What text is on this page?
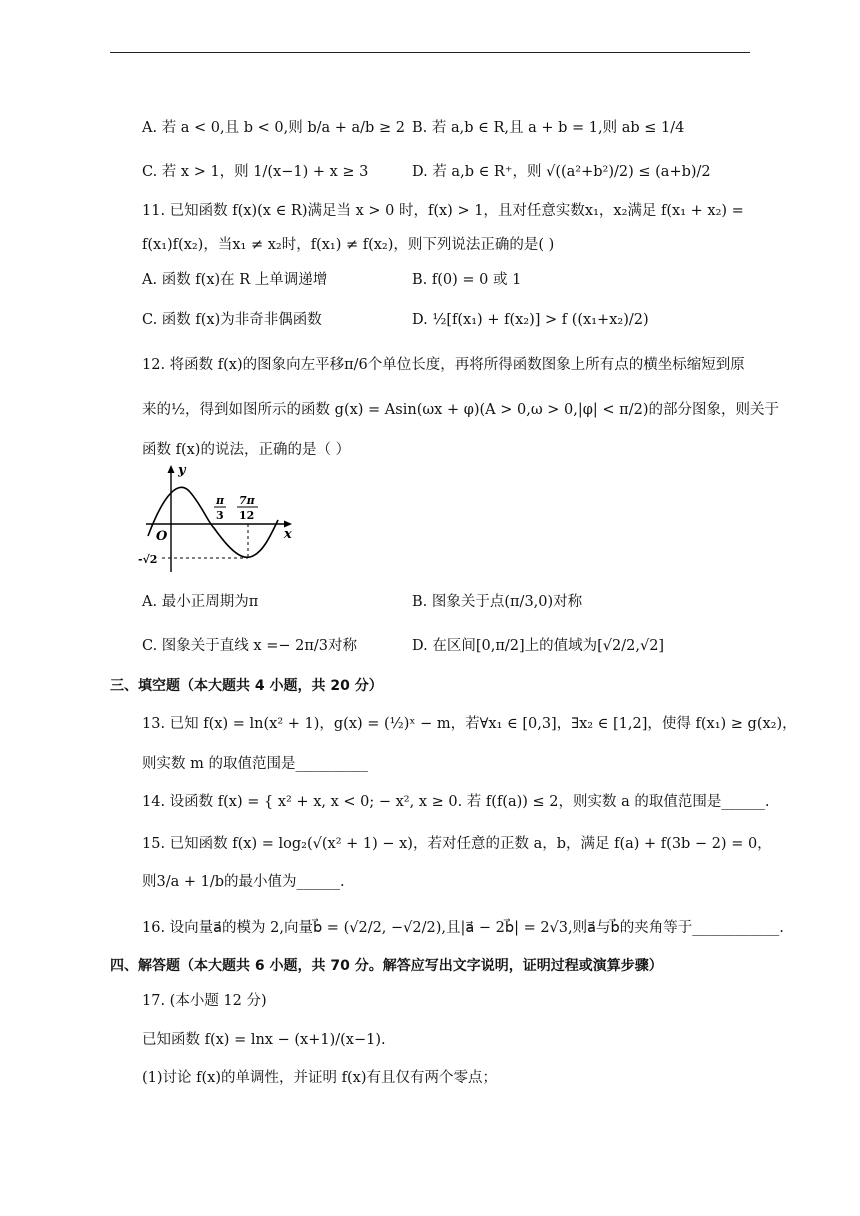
A. 若 a < 0,且 b < 0,则 b/a + a/b ≥ 2 B. 若 a,b ∈ R,且 a + b = 1,则 ab ≤ 1/4
C. 若 x > 1，则 1/(x−1) + x ≥ 3	D. 若 a,b ∈ R⁺，则 √((a²+b²)/2) ≤ (a+b)/2
11. 已知函数 f(x)(x ∈ R)满足当 x > 0 时，f(x) > 1，且对任意实数x₁，x₂满足 f(x₁ + x₂) =
f(x₁)f(x₂)，当x₁ ≠ x₂时，f(x₁) ≠ f(x₂)，则下列说法正确的是( )
A. 函数 f(x)在 R 上单调递增	B. f(0) = 0 或 1
C. 函数 f(x)为非奇非偶函数	D. ½[f(x₁) + f(x₂)] > f ((x₁+x₂)/2)
12. 将函数 f(x)的图象向左平移π/6个单位长度，再将所得函数图象上所有点的横坐标缩短到原
来的½，得到如图所示的函数 g(x) = Asin(ωx + φ)(A > 0,ω > 0,|φ| < π/2)的部分图象，则关于
函数 f(x)的说法，正确的是（ ）
y
x
O
π
3
7π
12
-√2
A. 最小正周期为π	B. 图象关于点(π/3,0)对称
C. 图象关于直线 x =− 2π/3对称	D. 在区间[0,π/2]上的值域为[√2/2,√2]
三、填空题（本大题共 4 小题，共 20 分）
13. 已知 f(x) = ln(x² + 1)，g(x) = (½)ˣ − m，若∀x₁ ∈ [0,3]，∃x₂ ∈ [1,2]，使得 f(x₁) ≥ g(x₂)，
则实数 m 的取值范围是__________
14. 设函数 f(x) = { x² + x, x < 0; − x², x ≥ 0. 若 f(f(a)) ≤ 2，则实数 a 的取值范围是______.
15. 已知函数 f(x) = log₂(√(x² + 1) − x)，若对任意的正数 a，b，满足 f(a) + f(3b − 2) = 0，
则3/a + 1/b的最小值为______.
16. 设向量a⃗的模为 2,向量b⃗ = (√2/2, −√2/2),且|a⃗ − 2b⃗| = 2√3,则a⃗与b⃗的夹角等于____________.
四、解答题（本大题共 6 小题，共 70 分。解答应写出文字说明，证明过程或演算步骤）
17. (本小题 12 分)
已知函数 f(x) = lnx − (x+1)/(x−1).
(1)讨论 f(x)的单调性，并证明 f(x)有且仅有两个零点；
